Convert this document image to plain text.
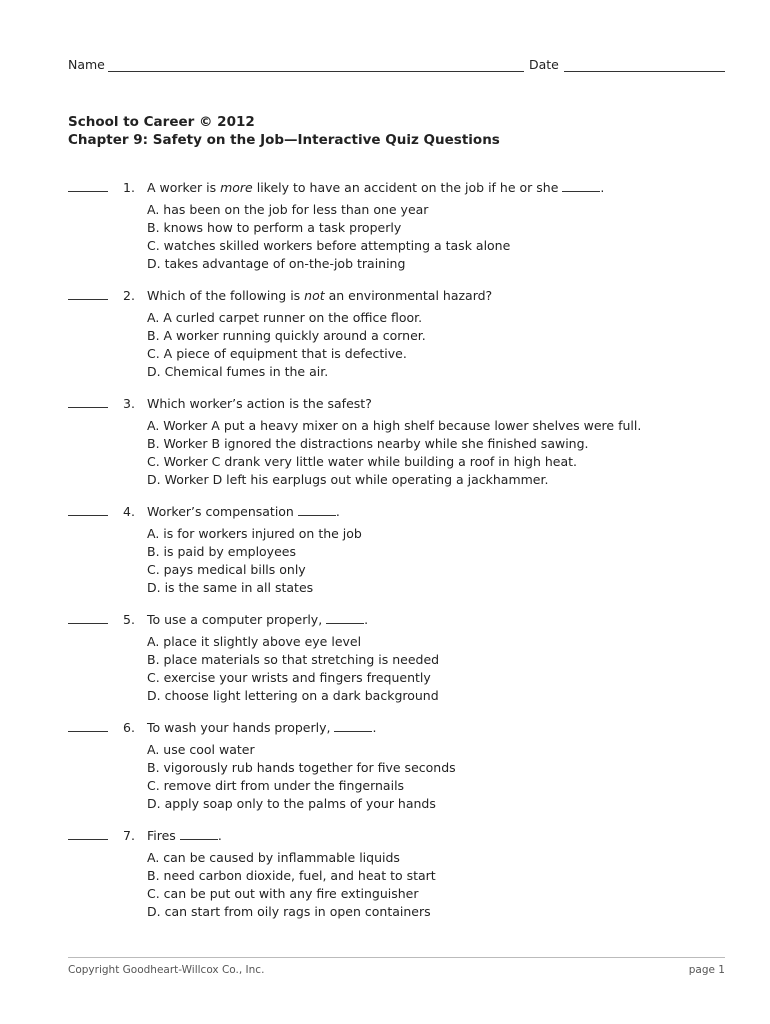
Name	Date
School to Career © 2012
Chapter 9: Safety on the Job—Interactive Quiz Questions
1. A worker is more likely to have an accident on the job if he or she	.
A. has been on the job for less than one year
B. knows how to perform a task properly
C. watches skilled workers before attempting a task alone
D. takes advantage of on-the-job training
2. Which of the following is not an environmental hazard?
A. A curled carpet runner on the office floor.
B. A worker running quickly around a corner.
C. A piece of equipment that is defective.
D. Chemical fumes in the air.
3. Which worker’s action is the safest?
A. Worker A put a heavy mixer on a high shelf because lower shelves were full.
B. Worker B ignored the distractions nearby while she finished sawing.
C. Worker C drank very little water while building a roof in high heat.
D. Worker D left his earplugs out while operating a jackhammer.
4. Worker’s compensation	.
A. is for workers injured on the job
B. is paid by employees
C. pays medical bills only
D. is the same in all states
5. To use a computer properly,	.
A. place it slightly above eye level
B. place materials so that stretching is needed
C. exercise your wrists and fingers frequently
D. choose light lettering on a dark background
6. To wash your hands properly,	.
A. use cool water
B. vigorously rub hands together for five seconds
C. remove dirt from under the fingernails
D. apply soap only to the palms of your hands
7. Fires	.
A. can be caused by inflammable liquids
B. need carbon dioxide, fuel, and heat to start
C. can be put out with any fire extinguisher
D. can start from oily rags in open containers
Copyright Goodheart-Willcox Co., Inc.	page 1
